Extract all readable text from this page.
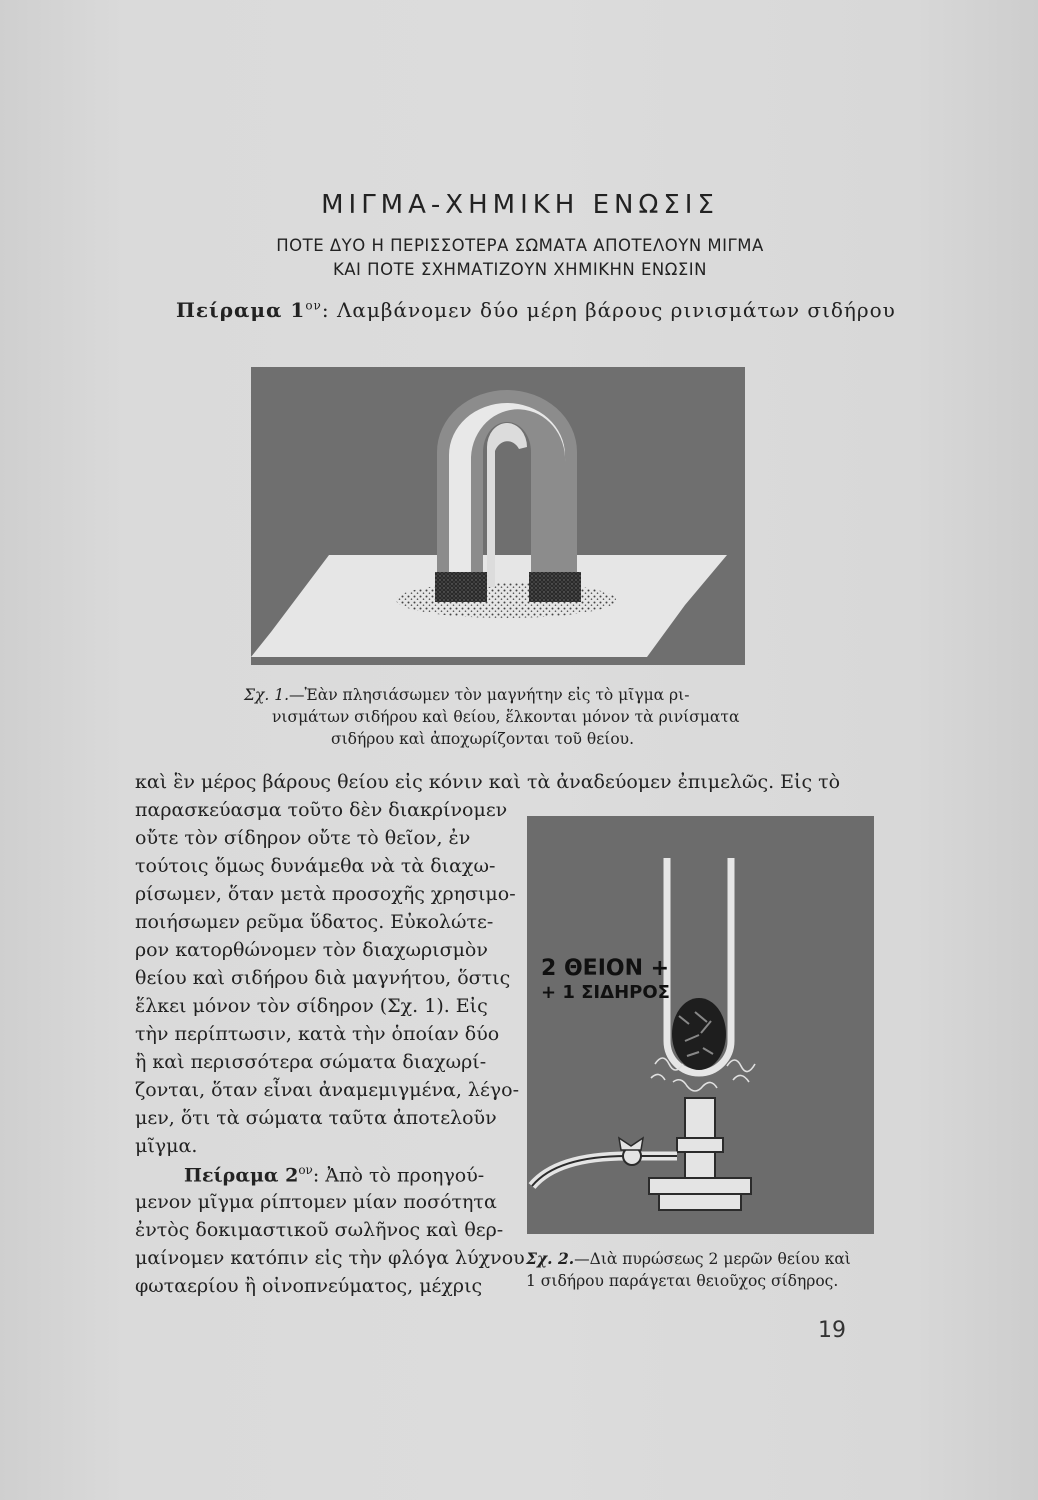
ΜΙΓΜΑ-ΧΗΜΙΚΗ ΕΝΩΣΙΣ
ΠΟΤΕ ΔΥΟ Η ΠΕΡΙΣΣΟΤΕΡΑ ΣΩΜΑΤΑ ΑΠΟΤΕΛΟΥΝ ΜΙΓΜΑ
ΚΑΙ ΠΟΤΕ ΣΧΗΜΑΤΙΖΟΥΝ ΧΗΜΙΚΗΝ ΕΝΩΣΙΝ
Πείραμα $1^{o\nu}$: Λαμβάνομεν δύο μέρη βάρους ρινισμάτων σιδήρου
Σχ. 1.—Ἐὰν πλησιάσωμεν τὸν μαγνήτην εἰς τὸ μῖγμα ρι-
νισμάτων σιδήρου καὶ θείου, ἕλκονται μόνον τὰ ρινίσματα
σιδήρου καὶ ἀποχωρίζονται τοῦ θείου.
καὶ ἓν μέρος βάρους θείου εἰς κόνιν καὶ τὰ ἀναδεύομεν ἐπιμελῶς. Εἰς τὸ
παρασκεύασμα τοῦτο δὲν διακρίνομεν
οὔτε τὸν σίδηρον οὔτε τὸ θεῖον, ἐν
τούτοις ὅμως δυνάμεθα νὰ τὰ διαχω-
ρίσωμεν, ὅταν μετὰ προσοχῆς χρησιμο-
ποιήσωμεν ρεῦμα ὕδατος. Εὐκολώτε-
ρον κατορθώνομεν τὸν διαχωρισμὸν
θείου καὶ σιδήρου διὰ μαγνήτου, ὅστις
ἕλκει μόνον τὸν σίδηρον (Σχ. 1). Εἰς
τὴν περίπτωσιν, κατὰ τὴν ὁποίαν δύο
ἢ καὶ περισσότερα σώματα διαχωρί-
ζονται, ὅταν εἶναι ἀναμεμιγμένα, λέγο-
μεν, ὅτι τὰ σώματα ταῦτα ἀποτελοῦν
μῖγμα.
Πείραμα $2^{o\nu}$: Ἀπὸ τὸ προηγού-
μενον μῖγμα ρίπτομεν μίαν ποσότητα
ἐντὸς δοκιμαστικοῦ σωλῆνος καὶ θερ-
μαίνομεν κατόπιν εἰς τὴν φλόγα λύχνου
φωταερίου ἢ οἰνοπνεύματος, μέχρις
2 ΘΕΙΟΝ +
+ 1 ΣΙΔΗΡΟΣ
Σχ. 2.—Διὰ πυρώσεως 2 μερῶν θείου καὶ
1 σιδήρου παράγεται θειοῦχος σίδηρος.
19
